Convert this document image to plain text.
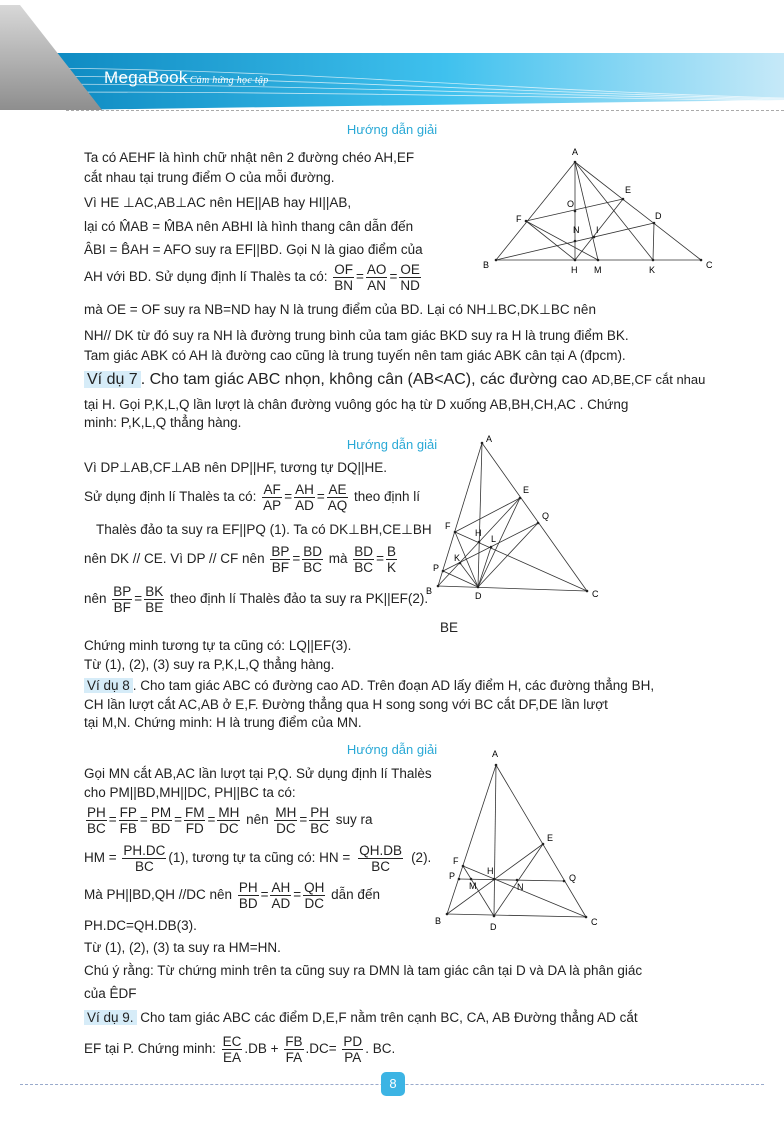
MegaBook Cảm hứng học tập
Hướng dẫn giải
Ta có AEHF là hình chữ nhật nên 2 đường chéo AH,EF
cắt nhau tại trung điểm O của mỗi đường.
Vì HE ⊥AC,AB⊥AC nên HE||AB hay HI||AB,
lại có M̂AB = M̂BA nên ABHI là hình thang cân dẫn đến
ÂBI = B̂AH = AFO suy ra EF||BD. Gọi N là giao điểm của
AH với BD. Sử dụng định lí Thalès ta có: $\frac{OF}{BN} = \frac{AO}{AN} = \frac{OE}{ND}$
mà OE = OF suy ra NB=ND hay N là trung điểm của BD. Lại có NH⊥BC,DK⊥BC nên
NH// DK từ đó suy ra NH là đường trung bình của tam giác BKD suy ra H là trung điểm BK.
Tam giác ABK có AH là đường cao cũng là trung tuyến nên tam giác ABK cân tại A (đpcm).
Ví dụ 7 . Cho tam giác ABC nhọn, không cân (AB<AC), các đường cao AD,BE,CF cắt nhau
tại H. Gọi P,K,L,Q lần lượt là chân đường vuông góc hạ từ D xuống AB,BH,CH,AC . Chứng
minh: P,K,L,Q thẳng hàng.
Hướng dẫn giải
Vì DP⊥AB,CF⊥AB nên DP||HF, tương tự DQ||HE.
Sử dụng định lí Thalès ta có: $\frac{AF}{AP} = \frac{AH}{AD} = \frac{AE}{AQ}$ theo định lí
Thalès đảo ta suy ra EF||PQ (1). Ta có DK⊥BH,CE⊥BH
nên DK // CE. Vì DP // CF nên $\frac{BP}{BF} = \frac{BD}{BC}$ mà $\frac{BD}{BC} = \frac{B}{K}$
nên $\frac{BP}{BF} = \frac{BK}{BE}$ theo định lí Thalès đảo ta suy ra PK||EF(2).
BE
Chứng minh tương tự ta cũng có: LQ||EF(3).
Từ (1), (2), (3) suy ra P,K,L,Q thẳng hàng.
Ví dụ 8 . Cho tam giác ABC có đường cao AD. Trên đoạn AD lấy điểm H, các đường thẳng BH,
CH lần lượt cắt AC,AB ở E,F. Đường thẳng qua H song song với BC cắt DF,DE lần lượt
tại M,N. Chứng minh: H là trung điểm của MN.
Hướng dẫn giải
Gọi MN cắt AB,AC lần lượt tại P,Q. Sử dụng định lí Thalès
cho PM||BD,MH||DC, PH||BC ta có:
$\frac{PH}{BC} = \frac{FP}{FB} = \frac{PM}{BD} = \frac{FM}{FD} = \frac{MH}{DC}$ nên $\frac{MH}{DC} = \frac{PH}{BC}$ suy ra
HM = $\frac{PH.DC}{BC} (1)$, tương tự ta cũng có: HN = $\frac{QH.DB}{BC} (2)$.
Mà PH||BD,QH //DC nên $\frac{PH}{BD} = \frac{AH}{AD} = \frac{QH}{DC}$ dẫn đến
PH.DC=QH.DB(3).
Từ (1), (2), (3) ta suy ra HM=HN.
Chú ý rằng: Từ chứng minh trên ta cũng suy ra DMN là tam giác cân tại D và DA là phân giác
của ÊDF
Ví dụ 9. Cho tam giác ABC các điểm D,E,F nằm trên cạnh BC, CA, AB Đường thẳng AD cắt
EF tại P. Chứng minh: $\frac{EC}{EA} .DB + \frac{FB}{FA} .DC= \frac{PD}{PA}$ . BC.
A
B	C
H M	K
E
D
F
O
N I
A
B	C
D
E
Q
F
H
L
K
P
A
B	C
D
E
F
H
P	Q
M	N
8
